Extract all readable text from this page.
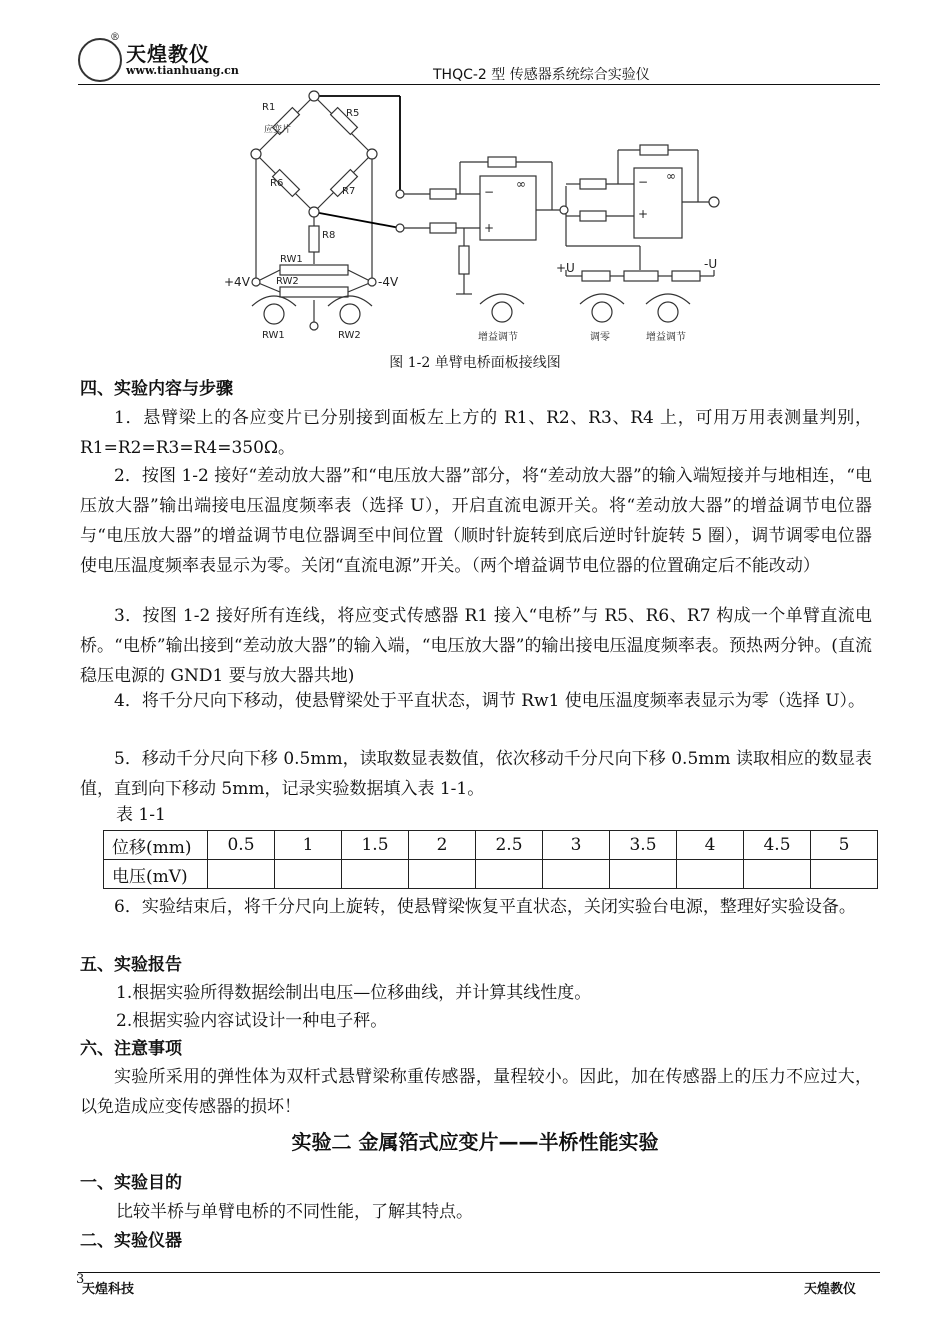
®
天煌教仪
www.tianhuang.cn	THQC-2 型 传感器系统综合实验仪
R1
应变片
R5
R6
R7
R8
RW1
RW2
+4V	-4V
RW1	RW2	增益调节	调零	增益调节
+U	-U
−
+
∞	−
+
∞
图 1-2 单臂电桥面板接线图
四、实验内容与步骤
1．悬臂梁上的各应变片已分别接到面板左上方的 R1、R2、R3、R4 上，可用万用表测量判别，R1=R2=R3=R4=350Ω。
2．按图 1-2 接好“差动放大器”和“电压放大器”部分，将“差动放大器”的输入端短接并与地相连，“电压放大器”输出端接电压温度频率表（选择 U），开启直流电源开关。将“差动放大器”的增益调节电位器与“电压放大器”的增益调节电位器调至中间位置（顺时针旋转到底后逆时针旋转 5 圈），调节调零电位器使电压温度频率表显示为零。关闭“直流电源”开关。（两个增益调节电位器的位置确定后不能改动）
3．按图 1-2 接好所有连线，将应变式传感器 R1 接入“电桥”与 R5、R6、R7 构成一个单臂直流电桥。“电桥”输出接到“差动放大器”的输入端，“电压放大器”的输出接电压温度频率表。预热两分钟。(直流稳压电源的 GND1 要与放大器共地)
4．将千分尺向下移动，使悬臂梁处于平直状态，调节 Rw1 使电压温度频率表显示为零（选择 U）。
5．移动千分尺向下移 0.5mm，读取数显表数值，依次移动千分尺向下移 0.5mm 读取相应的数显表值，直到向下移动 5mm，记录实验数据填入表 1-1。
表 1-1
位移(mm)	0.5	1	1.5	2	2.5	3	3.5	4	4.5	5
电压(mV)										
6．实验结束后，将千分尺向上旋转，使悬臂梁恢复平直状态，关闭实验台电源，整理好实验设备。
五、实验报告
1.根据实验所得数据绘制出电压—位移曲线，并计算其线性度。
2.根据实验内容试设计一种电子秤。
六、注意事项
实验所采用的弹性体为双杆式悬臂梁称重传感器，量程较小。因此，加在传感器上的压力不应过大，以免造成应变传感器的损坏！
实验二 金属箔式应变片——半桥性能实验
一、实验目的
比较半桥与单臂电桥的不同性能，了解其特点。
二、实验仪器
3
天煌科技	天煌教仪
